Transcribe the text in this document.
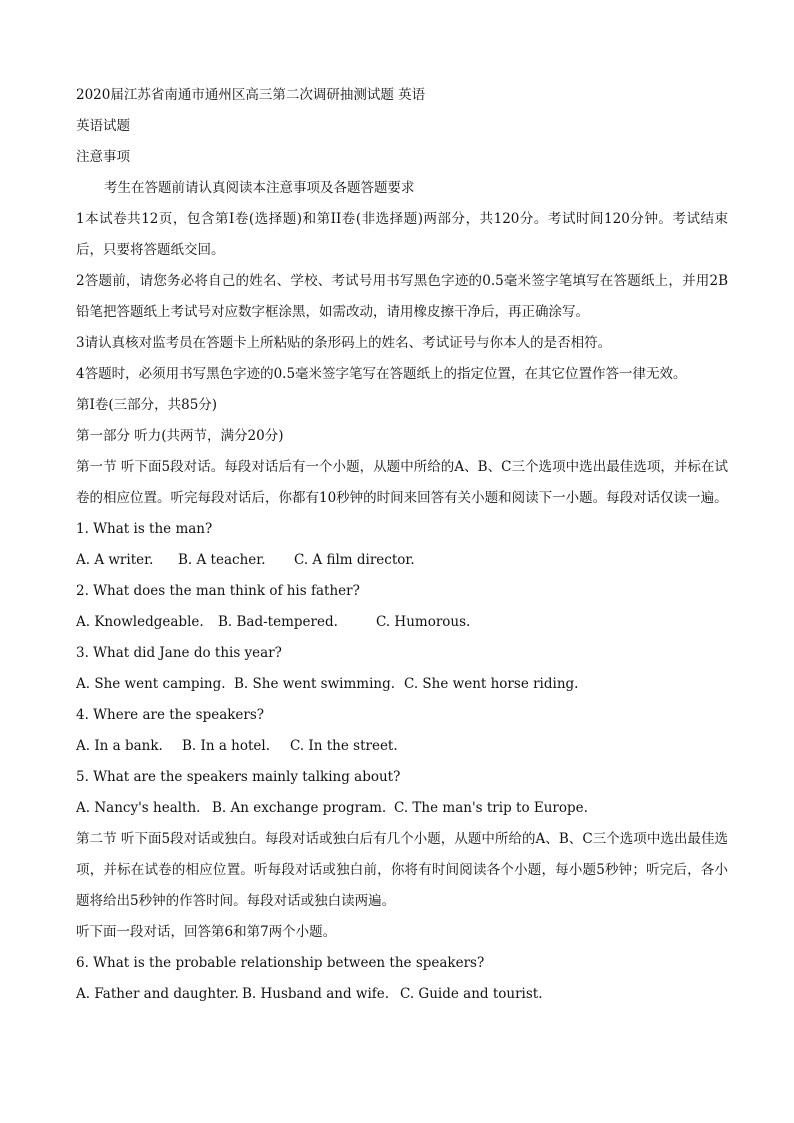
2020届江苏省南通市通州区高三第二次调研抽测试题 英语

英语试题

注意事项

考生在答题前请认真阅读本注意事项及各题答题要求

1本试卷共12页，包含第I卷(选择题)和第II卷(非选择题)两部分，共120分。考试时间120分钟。考试结束后，只要将答题纸交回。

2答题前，请您务必将自己的姓名、学校、考试号用书写黑色字迹的0.5毫米签字笔填写在答题纸上，并用2B铅笔把答题纸上考试号对应数字框涂黑，如需改动，请用橡皮擦干净后，再正确涂写。

3请认真核对监考员在答题卡上所粘贴的条形码上的姓名、考试证号与你本人的是否相符。

4答题时，必须用书写黑色字迹的0.5毫米签字笔写在答题纸上的指定位置，在其它位置作答一律无效。

第I卷(三部分，共85分)

第一部分 听力(共两节，满分20分)

第一节 听下面5段对话。每段对话后有一个小题，从题中所给的A、B、C三个选项中选出最佳选项，并标在试卷的相应位置。听完每段对话后，你都有10秒钟的时间来回答有关小题和阅读下一小题。每段对话仅读一遍。

1. What is the man?

A. A writer.	B. A teacher.	C. A film director.

2. What does the man think of his father?

A. Knowledgeable.	B. Bad-tempered.	C. Humorous.

3. What did Jane do this year?

A. She went camping. B. She went swimming. C. She went horse riding.

4. Where are the speakers?

A. In a bank.	B. In a hotel.	C. In the street.

5. What are the speakers mainly talking about?

A. Nancy's health. B. An exchange program. C. The man's trip to Europe.

第二节 听下面5段对话或独白。每段对话或独白后有几个小题，从题中所给的A、B、C三个选项中选出最佳选项，并标在试卷的相应位置。听每段对话或独白前，你将有时间阅读各个小题，每小题5秒钟；听完后，各小题将给出5秒钟的作答时间。每段对话或独白读两遍。

听下面一段对话，回答第6和第7两个小题。

6. What is the probable relationship between the speakers?

A. Father and daughter. B. Husband and wife. C. Guide and tourist.
